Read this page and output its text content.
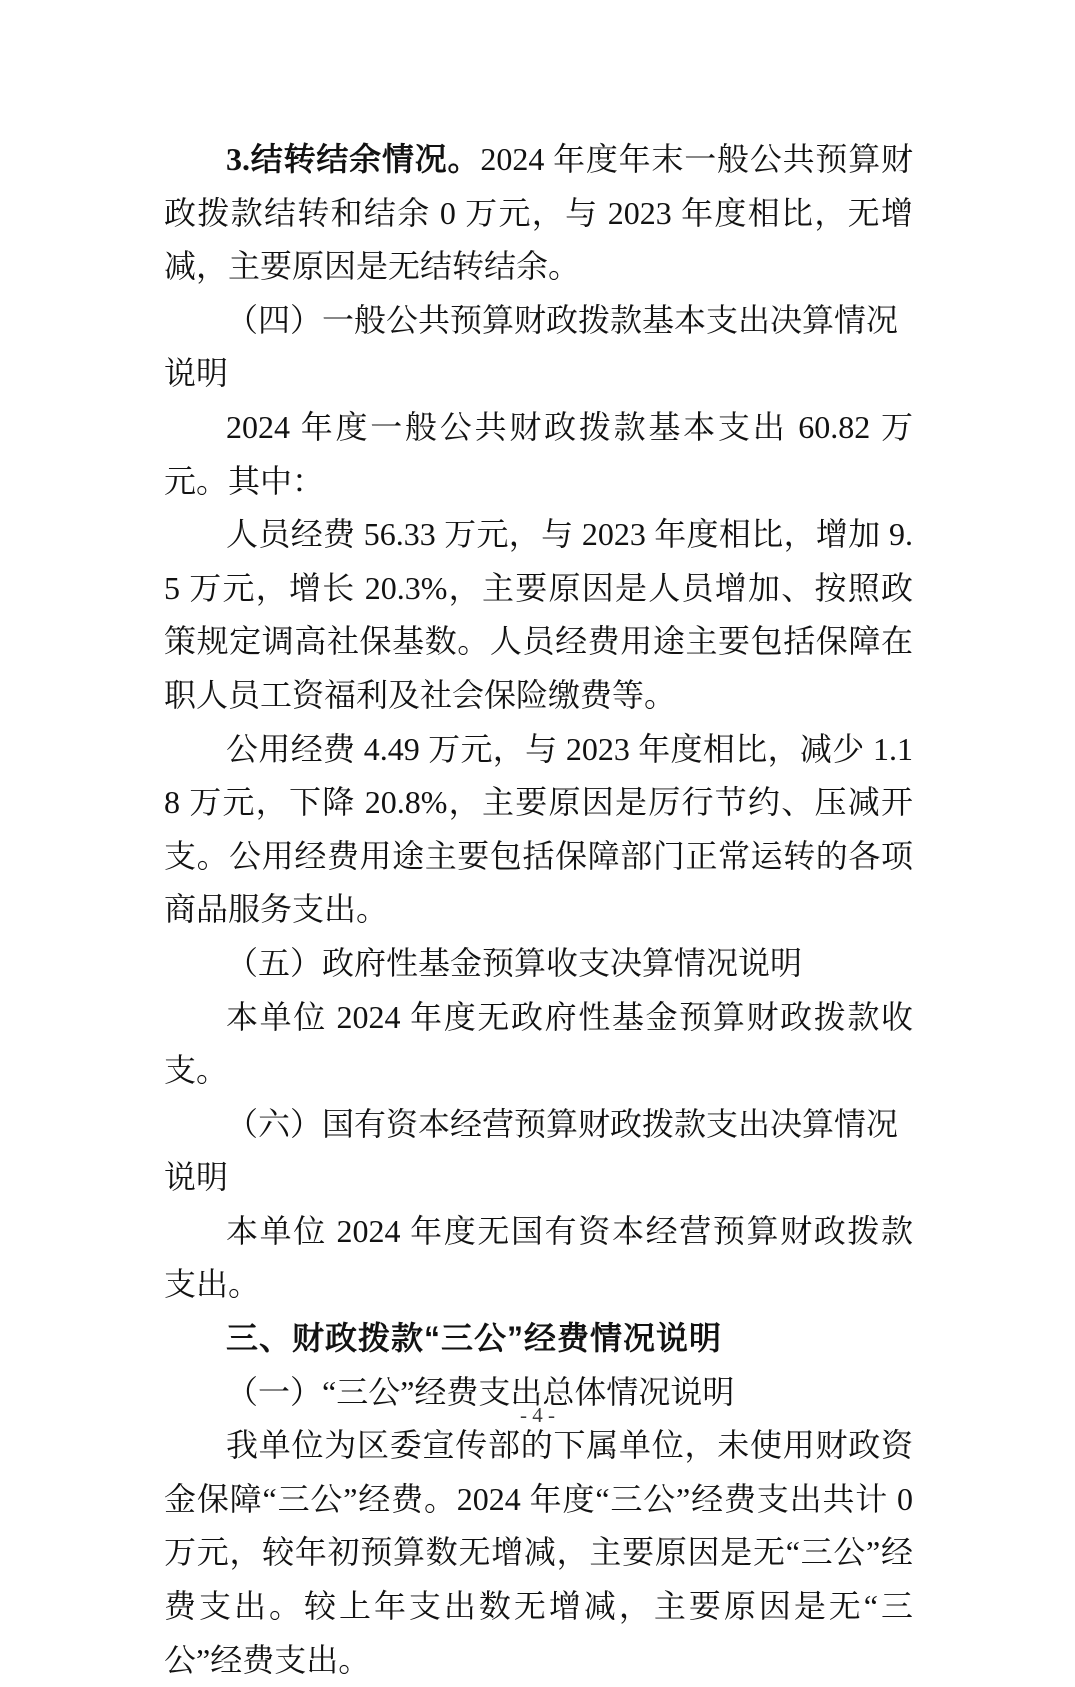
3.结转结余情况。2024 年度年末一般公共预算财政拨款结转和结余 0 万元，与 2023 年度相比，无增减，主要原因是无结转结余。

（四）一般公共预算财政拨款基本支出决算情况说明

2024 年度一般公共财政拨款基本支出 60.82 万元。其中：

人员经费 56.33 万元，与 2023 年度相比，增加 9.5 万元，增长 20.3%，主要原因是人员增加、按照政策规定调高社保基数。人员经费用途主要包括保障在职人员工资福利及社会保险缴费等。

公用经费 4.49 万元，与 2023 年度相比，减少 1.18 万元，下降 20.8%，主要原因是厉行节约、压减开支。公用经费用途主要包括保障部门正常运转的各项商品服务支出。

（五）政府性基金预算收支决算情况说明

本单位 2024 年度无政府性基金预算财政拨款收支。

（六）国有资本经营预算财政拨款支出决算情况说明

本单位 2024 年度无国有资本经营预算财政拨款支出。

三、财政拨款“三公”经费情况说明

（一）“三公”经费支出总体情况说明

我单位为区委宣传部的下属单位，未使用财政资金保障“三公”经费。2024 年度“三公”经费支出共计 0 万元，较年初预算数无增减，主要原因是无“三公”经费支出。较上年支出数无增减，主要原因是无“三公”经费支出。

- 4 -
